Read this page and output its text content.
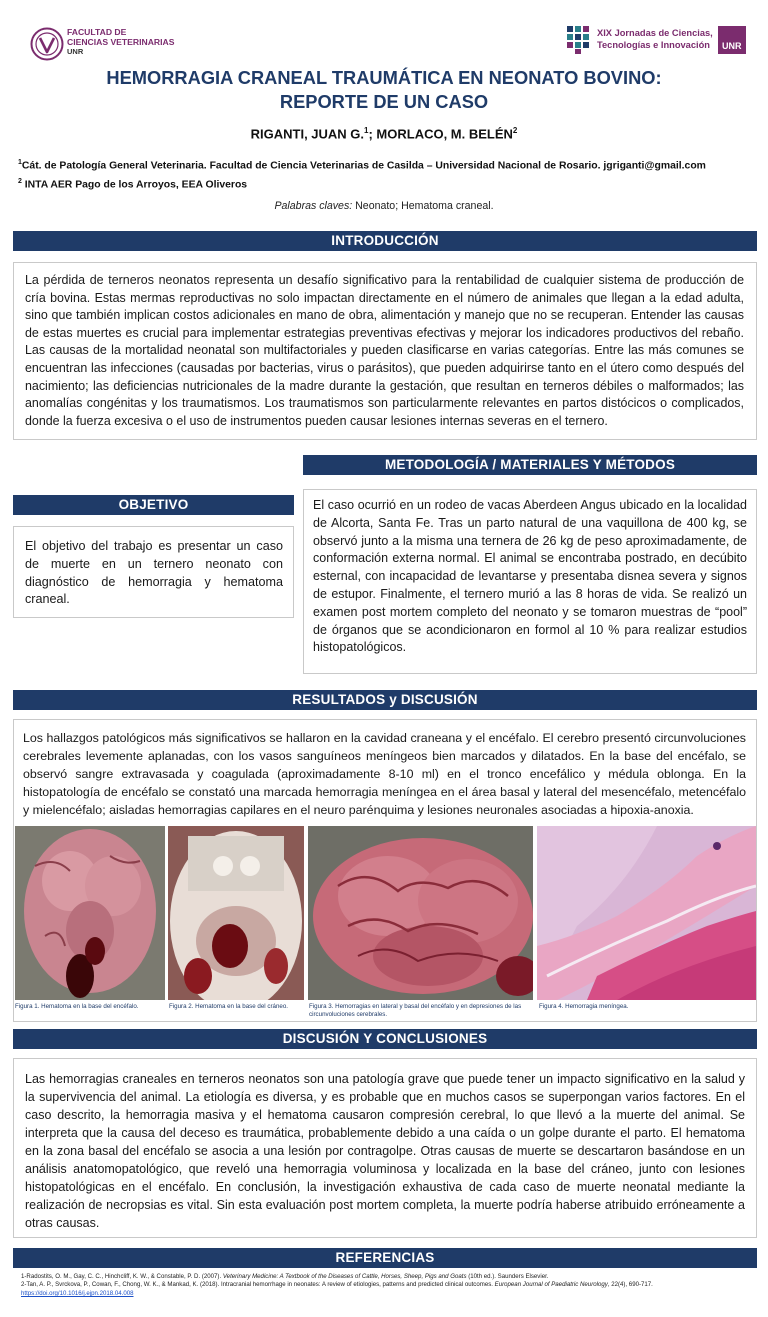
FACULTAD DE
CIENCIAS VETERINARIAS
UNR
XIX Jornadas de Ciencias,
Tecnologías e Innovación	UNR
HEMORRAGIA CRANEAL TRAUMÁTICA EN NEONATO BOVINO:
REPORTE DE UN CASO
RIGANTI, JUAN G.$^1$; MORLACO, M. BELÉN$^2$
$^1$Cát. de Patología General Veterinaria. Facultad de Ciencia Veterinarias de Casilda – Universidad Nacional de Rosario. jgriganti@gmail.com
$^2$ INTA AER Pago de los Arroyos, EEA Oliveros
Palabras claves: Neonato; Hematoma craneal.
INTRODUCCIÓN
La pérdida de terneros neonatos representa un desafío significativo para la rentabilidad de cualquier sistema de producción de cría bovina. Estas mermas reproductivas no solo impactan directamente en el número de animales que llegan a la edad adulta, sino que también implican costos adicionales en mano de obra, alimentación y manejo que no se recuperan. Entender las causas de estas muertes es crucial para implementar estrategias preventivas efectivas y mejorar los indicadores productivos del rebaño. Las causas de la mortalidad neonatal son multifactoriales y pueden clasificarse en varias categorías. Entre las más comunes se encuentran las infecciones (causadas por bacterias, virus o parásitos), que pueden adquirirse tanto en el útero como después del nacimiento; las deficiencias nutricionales de la madre durante la gestación, que resultan en terneros débiles o malformados; las anomalías congénitas y los traumatismos. Los traumatismos son particularmente relevantes en partos distócicos o complicados, donde la fuerza excesiva o el uso de instrumentos pueden causar lesiones internas severas en el ternero.
METODOLOGÍA / MATERIALES Y MÉTODOS
El caso ocurrió en un rodeo de vacas Aberdeen Angus ubicado en la localidad de Alcorta, Santa Fe. Tras un parto natural de una vaquillona de 400 kg, se observó junto a la misma una ternera de 26 kg de peso aproximadamente, de conformación externa normal. El animal se encontraba postrado, en decúbito esternal, con incapacidad de levantarse y presentaba disnea severa y signos de estupor. Finalmente, el ternero murió a las 8 horas de vida. Se realizó un examen post mortem completo del neonato y se tomaron muestras de “pool” de órganos que se acondicionaron en formol al 10 % para realizar estudios histopatológicos.
OBJETIVO
El objetivo del trabajo es presentar un caso de muerte en un ternero neonato con diagnóstico de hemorragia y hematoma craneal.
RESULTADOS y DISCUSIÓN
Los hallazgos patológicos más significativos se hallaron en la cavidad craneana y el encéfalo. El cerebro presentó circunvoluciones cerebrales levemente aplanadas, con los vasos sanguíneos meníngeos bien marcados y dilatados. En la base del encéfalo, se observó sangre extravasada y coagulada (aproximadamente 8-10 ml) en el tronco encefálico y médula oblonga. En la histopatología de encéfalo se constató una marcada hemorragia meníngea en el área basal y lateral del mesencéfalo, metencéfalo y mielencéfalo; aisladas hemorragias capilares en el neuro parénquima y lesiones neuronales asociadas a hipoxia-anoxia.
Figura 1. Hematoma en la base del encéfalo.	Figura 2. Hematoma en la base del cráneo.	Figura 3. Hemorragias en lateral y basal del encéfalo y en depresiones de las circunvoluciones cerebrales.
Figura 4. Hemorragia meníngea.
DISCUSIÓN Y CONCLUSIONES
Las hemorragias craneales en terneros neonatos son una patología grave que puede tener un impacto significativo en la salud y la supervivencia del animal. La etiología es diversa, y es probable que en muchos casos se superpongan varios factores. En el caso descrito, la hemorragia masiva y el hematoma causaron compresión cerebral, lo que llevó a la muerte del animal. Se interpreta que la causa del deceso es traumática, probablemente debido a una caída o un golpe durante el parto. El hematoma en la zona basal del encéfalo se asocia a una lesión por contragolpe. Otras causas de muerte se descartaron basándose en un análisis anatomopatológico, que reveló una hemorragia voluminosa y localizada en la base del cráneo, junto con lesiones histopatológicas en el encéfalo. En conclusión, la investigación exhaustiva de cada caso de muerte neonatal mediante la realización de necropsias es vital. Sin esta evaluación post mortem completa, la muerte podría haberse atribuido erróneamente a otras causas.
REFERENCIAS
1-Radostits, O. M., Gay, C. C., Hinchcliff, K. W., & Constable, P. D. (2007). Veterinary Medicine: A Textbook of the Diseases of Cattle, Horses, Sheep, Pigs and Goats (10th ed.). Saunders Elsevier.
2-Tan, A. P., Svrckova, P., Cowan, F., Chong, W. K., & Mankad, K. (2018). Intracranial hemorrhage in neonates: A review of etiologies, patterns and predicted clinical outcomes. European Journal of Paediatric Neurology, 22(4), 690-717. https://doi.org/10.1016/j.ejpn.2018.04.008
